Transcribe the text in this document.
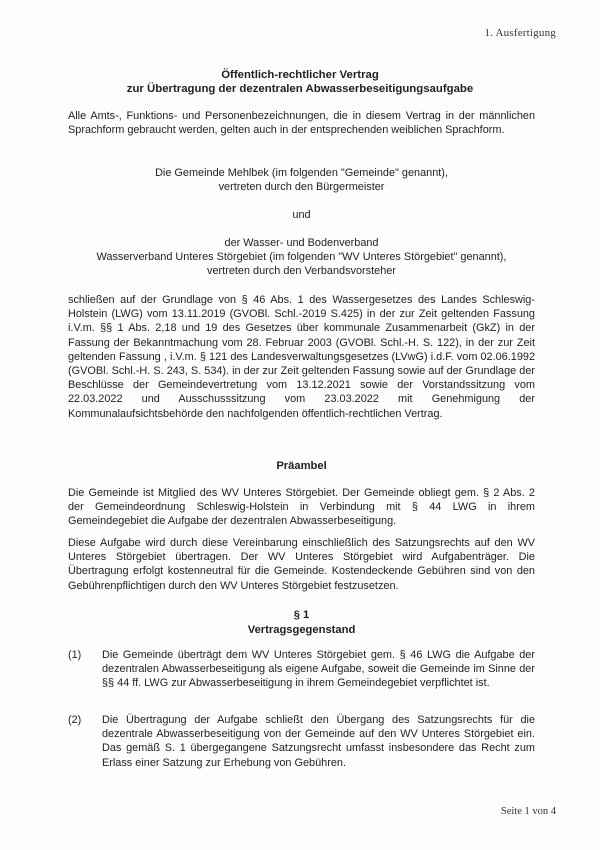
1. Ausfertigung
Öffentlich-rechtlicher Vertrag
zur Übertragung der dezentralen Abwasserbeseitigungsaufgabe

Alle Amts-, Funktions- und Personenbezeichnungen, die in diesem Vertrag in der männlichen Sprachform gebraucht werden, gelten auch in der entsprechenden weiblichen Sprachform.

Die Gemeinde Mehlbek (im folgenden "Gemeinde" genannt),

vertreten durch den Bürgermeister

und

der Wasser- und Bodenverband

Wasserverband Unteres Störgebiet (im folgenden "WV Unteres Störgebiet" genannt),

vertreten durch den Verbandsvorsteher

schließen auf der Grundlage von § 46 Abs. 1 des Wassergesetzes des Landes Schleswig-Holstein (LWG) vom 13.11.2019 (GVOBl. Schl.-2019 S.425) in der zur Zeit geltenden Fassung i.V.m. §§ 1 Abs. 2,18 und 19 des Gesetzes über kommunale Zusammenarbeit (GkZ) in der Fassung der Bekanntmachung vom 28. Februar 2003 (GVOBl. Schl.-H. S. 122), in der zur Zeit geltenden Fassung , i.V.m. § 121 des Landesverwaltungsgesetzes (LVwG) i.d.F. vom 02.06.1992 (GVOBl. Schl.-H. S. 243, S. 534). in der zur Zeit geltenden Fassung sowie auf der Grundlage der Beschlüsse der Gemeindevertretung vom 13.12.2021 sowie der Vorstandssitzung vom 22.03.2022 und Ausschusssitzung vom 23.03.2022 mit Genehmigung der Kommunalaufsichtsbehörde den nachfolgenden öffentlich-rechtlichen Vertrag.

Präambel

Die Gemeinde ist Mitglied des WV Unteres Störgebiet. Der Gemeinde obliegt gem. § 2 Abs. 2 der Gemeindeordnung Schleswig-Holstein in Verbindung mit § 44 LWG in ihrem Gemeindegebiet die Aufgabe der dezentralen Abwasserbeseitigung.

Diese Aufgabe wird durch diese Vereinbarung einschließlich des Satzungsrechts auf den WV Unteres Störgebiet übertragen. Der WV Unteres Störgebiet wird Aufgabenträger. Die Übertragung erfolgt kostenneutral für die Gemeinde. Kostendeckende Gebühren sind von den Gebührenpflichtigen durch den WV Unteres Störgebiet festzusetzen.

§ 1
Vertragsgegenstand
(1) Die Gemeinde überträgt dem WV Unteres Störgebiet gem. § 46 LWG die Aufgabe der dezentralen Abwasserbeseitigung als eigene Aufgabe, soweit die Gemeinde im Sinne der §§ 44 ff. LWG zur Abwasserbeseitigung in ihrem Gemeindegebiet verpflichtet ist.

(2) Die Übertragung der Aufgabe schließt den Übergang des Satzungsrechts für die dezentrale Abwasserbeseitigung von der Gemeinde auf den WV Unteres Störgebiet ein. Das gemäß S. 1 übergegangene Satzungsrecht umfasst insbesondere das Recht zum Erlass einer Satzung zur Erhebung von Gebühren.

Seite 1 von 4
